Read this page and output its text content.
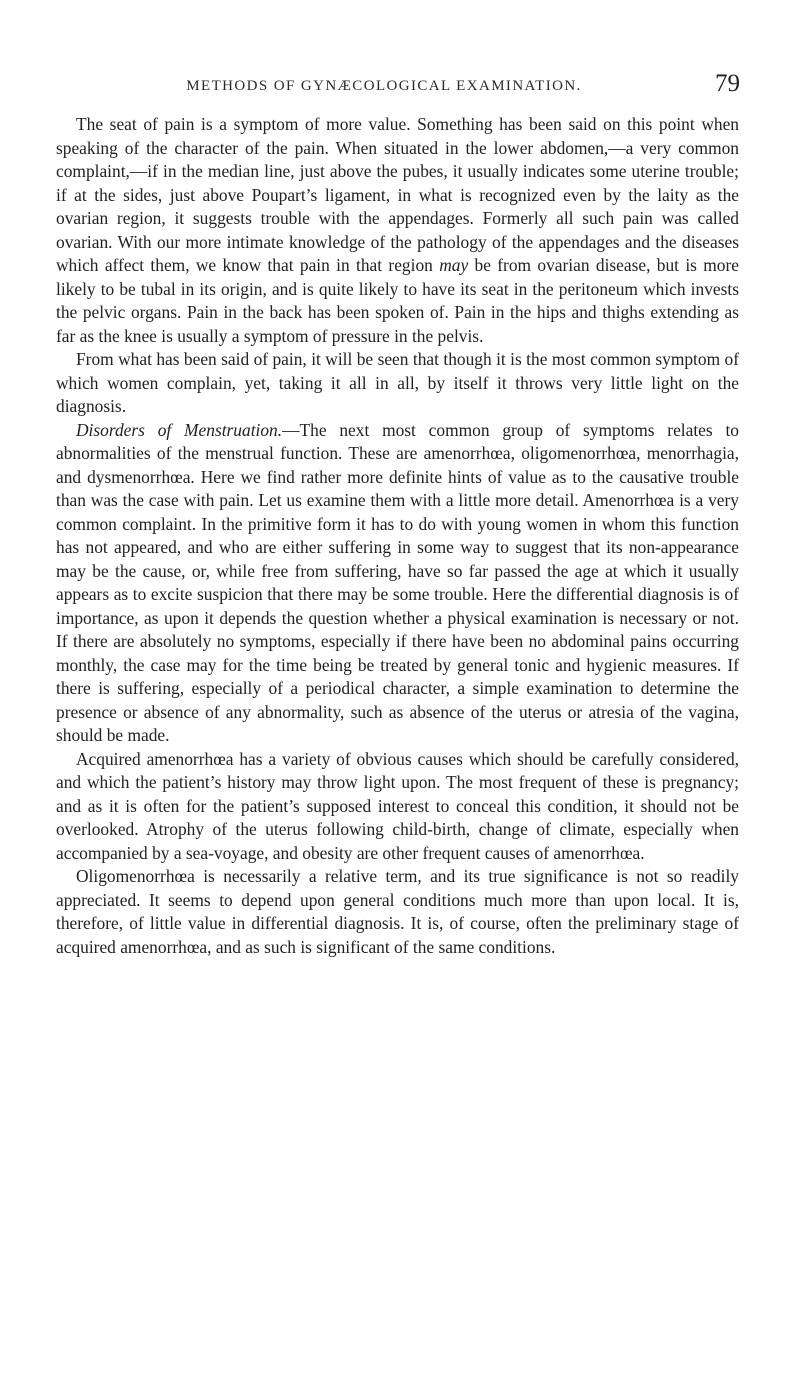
METHODS OF GYNÆCOLOGICAL EXAMINATION.	79

The seat of pain is a symptom of more value. Something has been said on this point when speaking of the character of the pain. When situated in the lower abdomen,—a very common complaint,—if in the median line, just above the pubes, it usually indicates some uterine trouble; if at the sides, just above Poupart’s ligament, in what is recognized even by the laity as the ovarian region, it suggests trouble with the appendages. Formerly all such pain was called ovarian. With our more intimate knowledge of the pathology of the appendages and the diseases which affect them, we know that pain in that region may be from ovarian disease, but is more likely to be tubal in its origin, and is quite likely to have its seat in the peritoneum which invests the pelvic organs. Pain in the back has been spoken of. Pain in the hips and thighs extending as far as the knee is usually a symptom of pressure in the pelvis.

From what has been said of pain, it will be seen that though it is the most common symptom of which women complain, yet, taking it all in all, by itself it throws very little light on the diagnosis.

Disorders of Menstruation.—The next most common group of symptoms relates to abnormalities of the menstrual function. These are amenorrhœa, oligomenorrhœa, menorrhagia, and dysmenorrhœa. Here we find rather more definite hints of value as to the causative trouble than was the case with pain. Let us examine them with a little more detail. Amenorrhœa is a very common complaint. In the primitive form it has to do with young women in whom this function has not appeared, and who are either suffering in some way to suggest that its non-appearance may be the cause, or, while free from suffering, have so far passed the age at which it usually appears as to excite suspicion that there may be some trouble. Here the differential diagnosis is of importance, as upon it depends the question whether a physical examination is necessary or not. If there are absolutely no symptoms, especially if there have been no abdominal pains occurring monthly, the case may for the time being be treated by general tonic and hygienic measures. If there is suffering, especially of a periodical character, a simple examination to determine the presence or absence of any abnormality, such as absence of the uterus or atresia of the vagina, should be made.

Acquired amenorrhœa has a variety of obvious causes which should be carefully considered, and which the patient’s history may throw light upon. The most frequent of these is pregnancy; and as it is often for the patient’s supposed interest to conceal this condition, it should not be overlooked. Atrophy of the uterus following child-birth, change of climate, especially when accompanied by a sea-voyage, and obesity are other frequent causes of amenorrhœa.

Oligomenorrhœa is necessarily a relative term, and its true significance is not so readily appreciated. It seems to depend upon general conditions much more than upon local. It is, therefore, of little value in differential diagnosis. It is, of course, often the preliminary stage of acquired amenorrhœa, and as such is significant of the same conditions.
